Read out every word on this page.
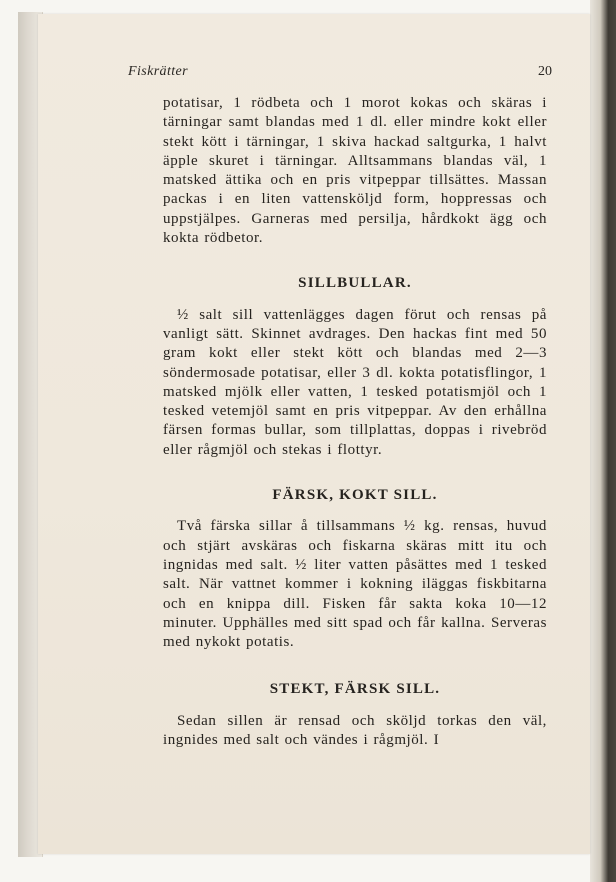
Fiskrätter	20

potatisar, 1 rödbeta och 1 morot kokas och skäras i tärningar samt blandas med 1 dl. eller mindre kokt eller stekt kött i tärningar, 1 skiva hackad saltgurka, 1 halvt äpple skuret i tärningar. Alltsammans blandas väl, 1 matsked ättika och en pris vitpeppar tillsättes. Massan packas i en liten vattensköljd form, hoppressas och uppstjälpes. Garneras med persilja, hårdkokt ägg och kokta rödbetor.

SILLBULLAR.

½ salt sill vattenlägges dagen förut och rensas på vanligt sätt. Skinnet avdrages. Den hackas fint med 50 gram kokt eller stekt kött och blandas med 2—3 söndermosade potatisar, eller 3 dl. kokta potatisflingor, 1 matsked mjölk eller vatten, 1 tesked potatismjöl och 1 tesked vetemjöl samt en pris vitpeppar. Av den erhållna färsen formas bullar, som tillplattas, doppas i rivebröd eller rågmjöl och stekas i flottyr.

FÄRSK, KOKT SILL.

Två färska sillar å tillsammans ½ kg. rensas, huvud och stjärt avskäras och fiskarna skäras mitt itu och ingnidas med salt. ½ liter vatten påsättes med 1 tesked salt. När vattnet kommer i kokning iläggas fiskbitarna och en knippa dill. Fisken får sakta koka 10—12 minuter. Upphälles med sitt spad och får kallna. Serveras med nykokt potatis.

STEKT, FÄRSK SILL.

Sedan sillen är rensad och sköljd torkas den väl, ingnides med salt och vändes i rågmjöl. I
